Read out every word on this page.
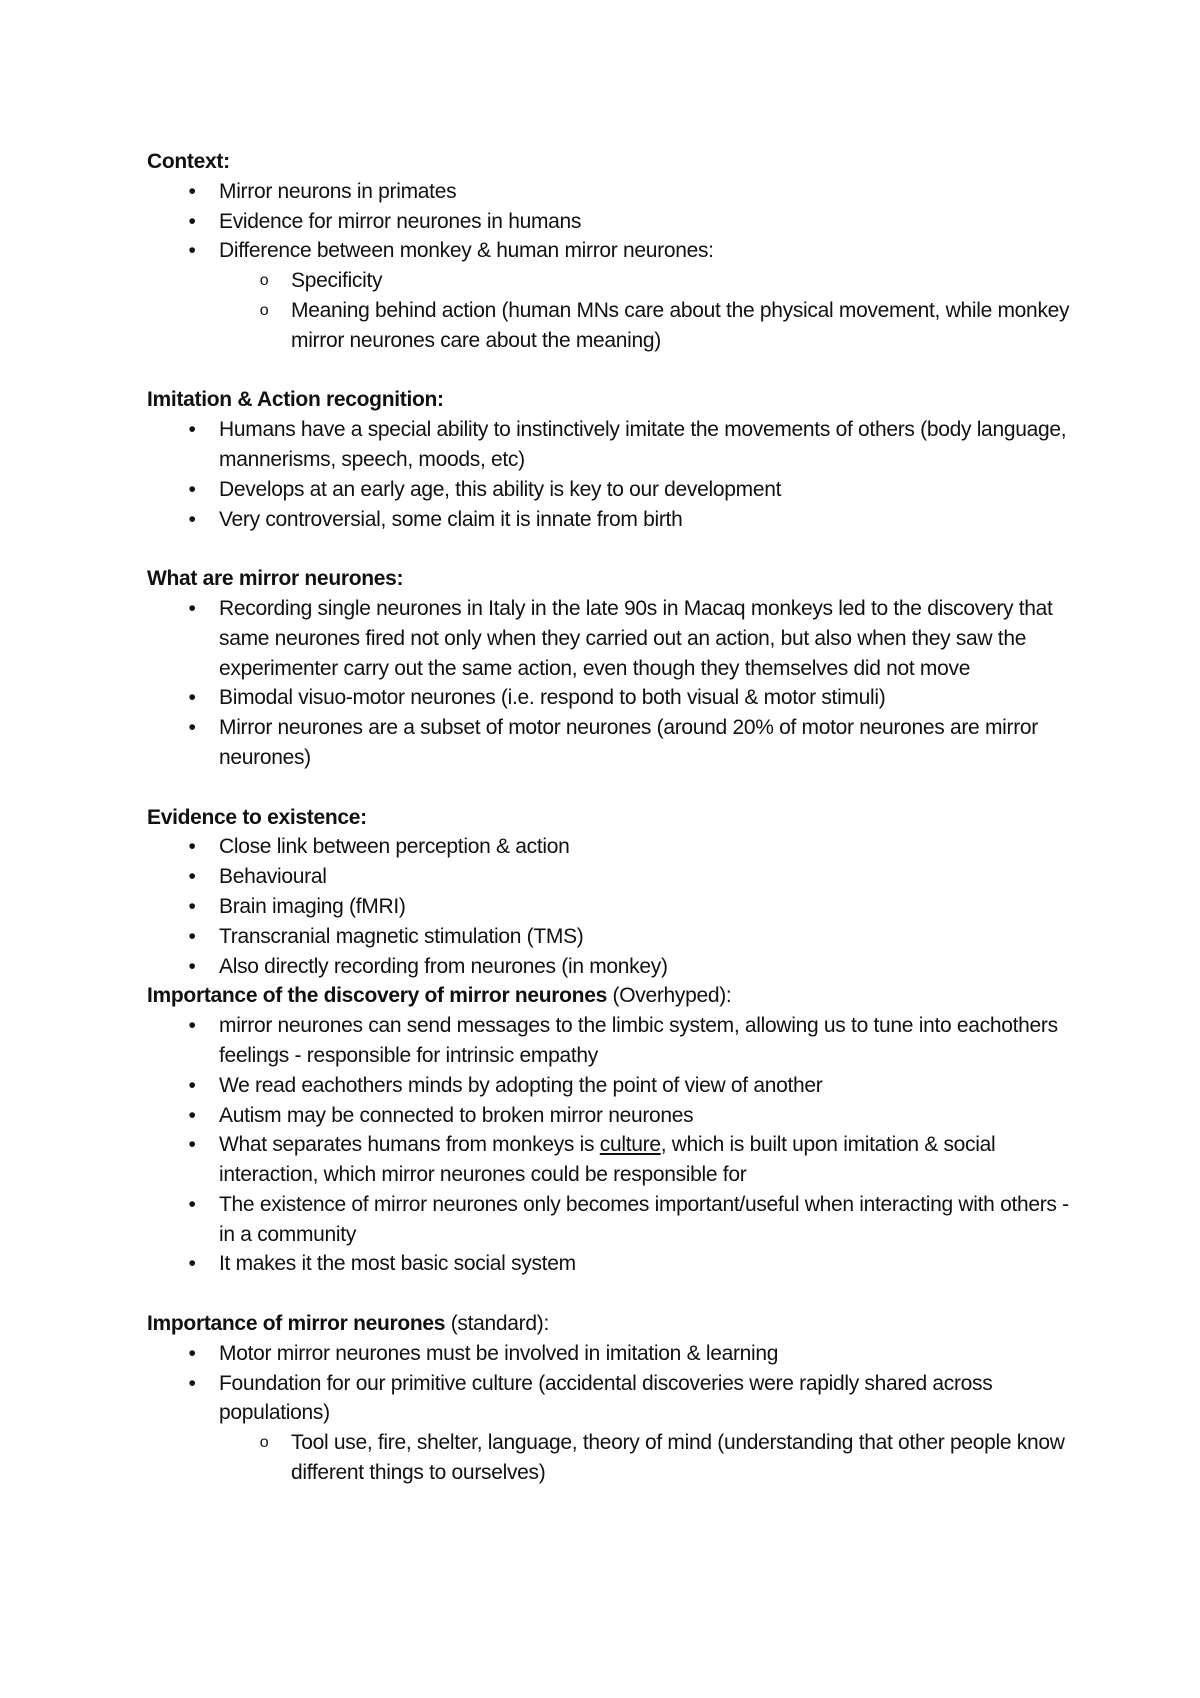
Context:

• Mirror neurons in primates
• Evidence for mirror neurones in humans
• Difference between monkey & human mirror neurones:
o Specificity
o Meaning behind action (human MNs care about the physical movement, while monkey mirror neurones care about the meaning)

Imitation & Action recognition:

• Humans have a special ability to instinctively imitate the movements of others (body language, mannerisms, speech, moods, etc)
• Develops at an early age, this ability is key to our development
• Very controversial, some claim it is innate from birth

What are mirror neurones:

• Recording single neurones in Italy in the late 90s in Macaq monkeys led to the discovery that same neurones fired not only when they carried out an action, but also when they saw the experimenter carry out the same action, even though they themselves did not move
• Bimodal visuo-motor neurones (i.e. respond to both visual & motor stimuli)
• Mirror neurones are a subset of motor neurones (around 20% of motor neurones are mirror neurones)

Evidence to existence:

• Close link between perception & action
• Behavioural
• Brain imaging (fMRI)
• Transcranial magnetic stimulation (TMS)
• Also directly recording from neurones (in monkey)

Importance of the discovery of mirror neurones (Overhyped):

• mirror neurones can send messages to the limbic system, allowing us to tune into eachothers feelings - responsible for intrinsic empathy
• We read eachothers minds by adopting the point of view of another
• Autism may be connected to broken mirror neurones
• What separates humans from monkeys is culture, which is built upon imitation & social interaction, which mirror neurones could be responsible for
• The existence of mirror neurones only becomes important/useful when interacting with others - in a community
• It makes it the most basic social system

Importance of mirror neurones (standard):

• Motor mirror neurones must be involved in imitation & learning
• Foundation for our primitive culture (accidental discoveries were rapidly shared across populations)
o Tool use, fire, shelter, language, theory of mind (understanding that other people know different things to ourselves)
